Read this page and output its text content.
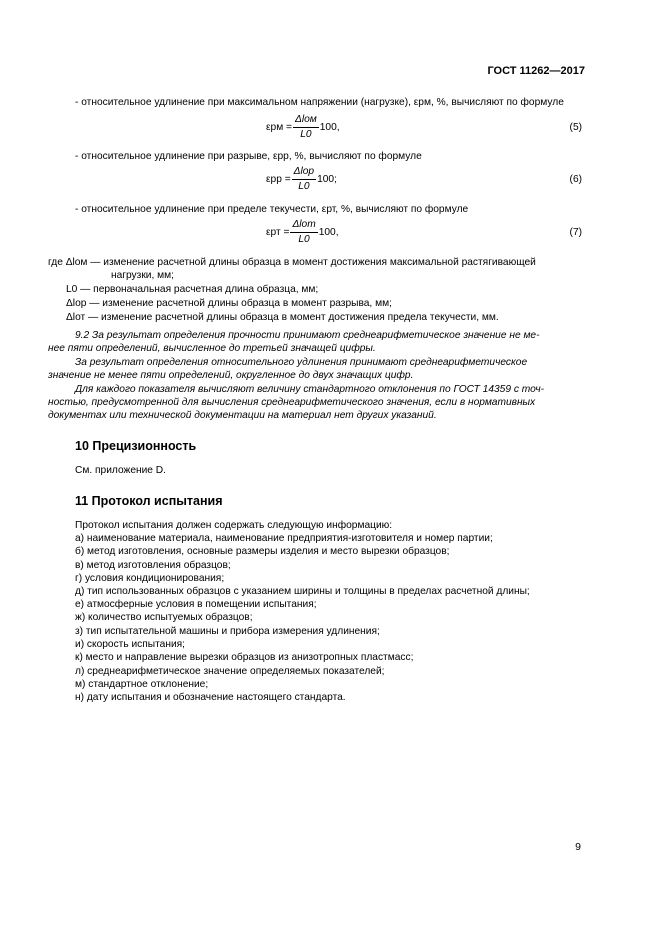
ГОСТ 11262—2017
- относительное удлинение при максимальном напряжении (нагрузке), εрм, %, вычисляют по формуле
$\varepsilon рм = \frac{\text{Δlом}}{L0} 100$,	(5)
- относительное удлинение при разрыве, εрр, %, вычисляют по формуле
$\varepsilon рр = \frac{\text{Δlор}}{L0} 100$;	(6)
- относительное удлинение при пределе текучести, εрт, %, вычисляют по формуле
$\varepsilon рт = \frac{\text{Δlот}}{L0} 100$,	(7)
где Δlом — изменение расчетной длины образца в момент достижения максимальной растягивающей
нагрузки, мм;
L0 — первоначальная расчетная длина образца, мм;
Δlор — изменение расчетной длины образца в момент разрыва, мм;
Δlот — изменение расчетной длины образца в момент достижения предела текучести, мм.
9.2 За результат определения прочности принимают среднеарифметическое значение не ме-
нее пяти определений, вычисленное до третьей значащей цифры.
За результат определения относительного удлинения принимают среднеарифметическое
значение не менее пяти определений, округленное до двух значащих цифр.
Для каждого показателя вычисляют величину стандартного отклонения по ГОСТ 14359 с точ-
ностью, предусмотренной для вычисления среднеарифметического значения, если в нормативных
документах или технической документации на материал нет других указаний.
10 Прецизионность
См. приложение D.
11 Протокол испытания
Протокол испытания должен содержать следующую информацию:
а) наименование материала, наименование предприятия-изготовителя и номер партии;
б) метод изготовления, основные размеры изделия и место вырезки образцов;
в) метод изготовления образцов;
г) условия кондиционирования;
д) тип использованных образцов с указанием ширины и толщины в пределах расчетной длины;
е) атмосферные условия в помещении испытания;
ж) количество испытуемых образцов;
з) тип испытательной машины и прибора измерения удлинения;
и) скорость испытания;
к) место и направление вырезки образцов из анизотропных пластмасс;
л) среднеарифметическое значение определяемых показателей;
м) стандартное отклонение;
н) дату испытания и обозначение настоящего стандарта.
9
